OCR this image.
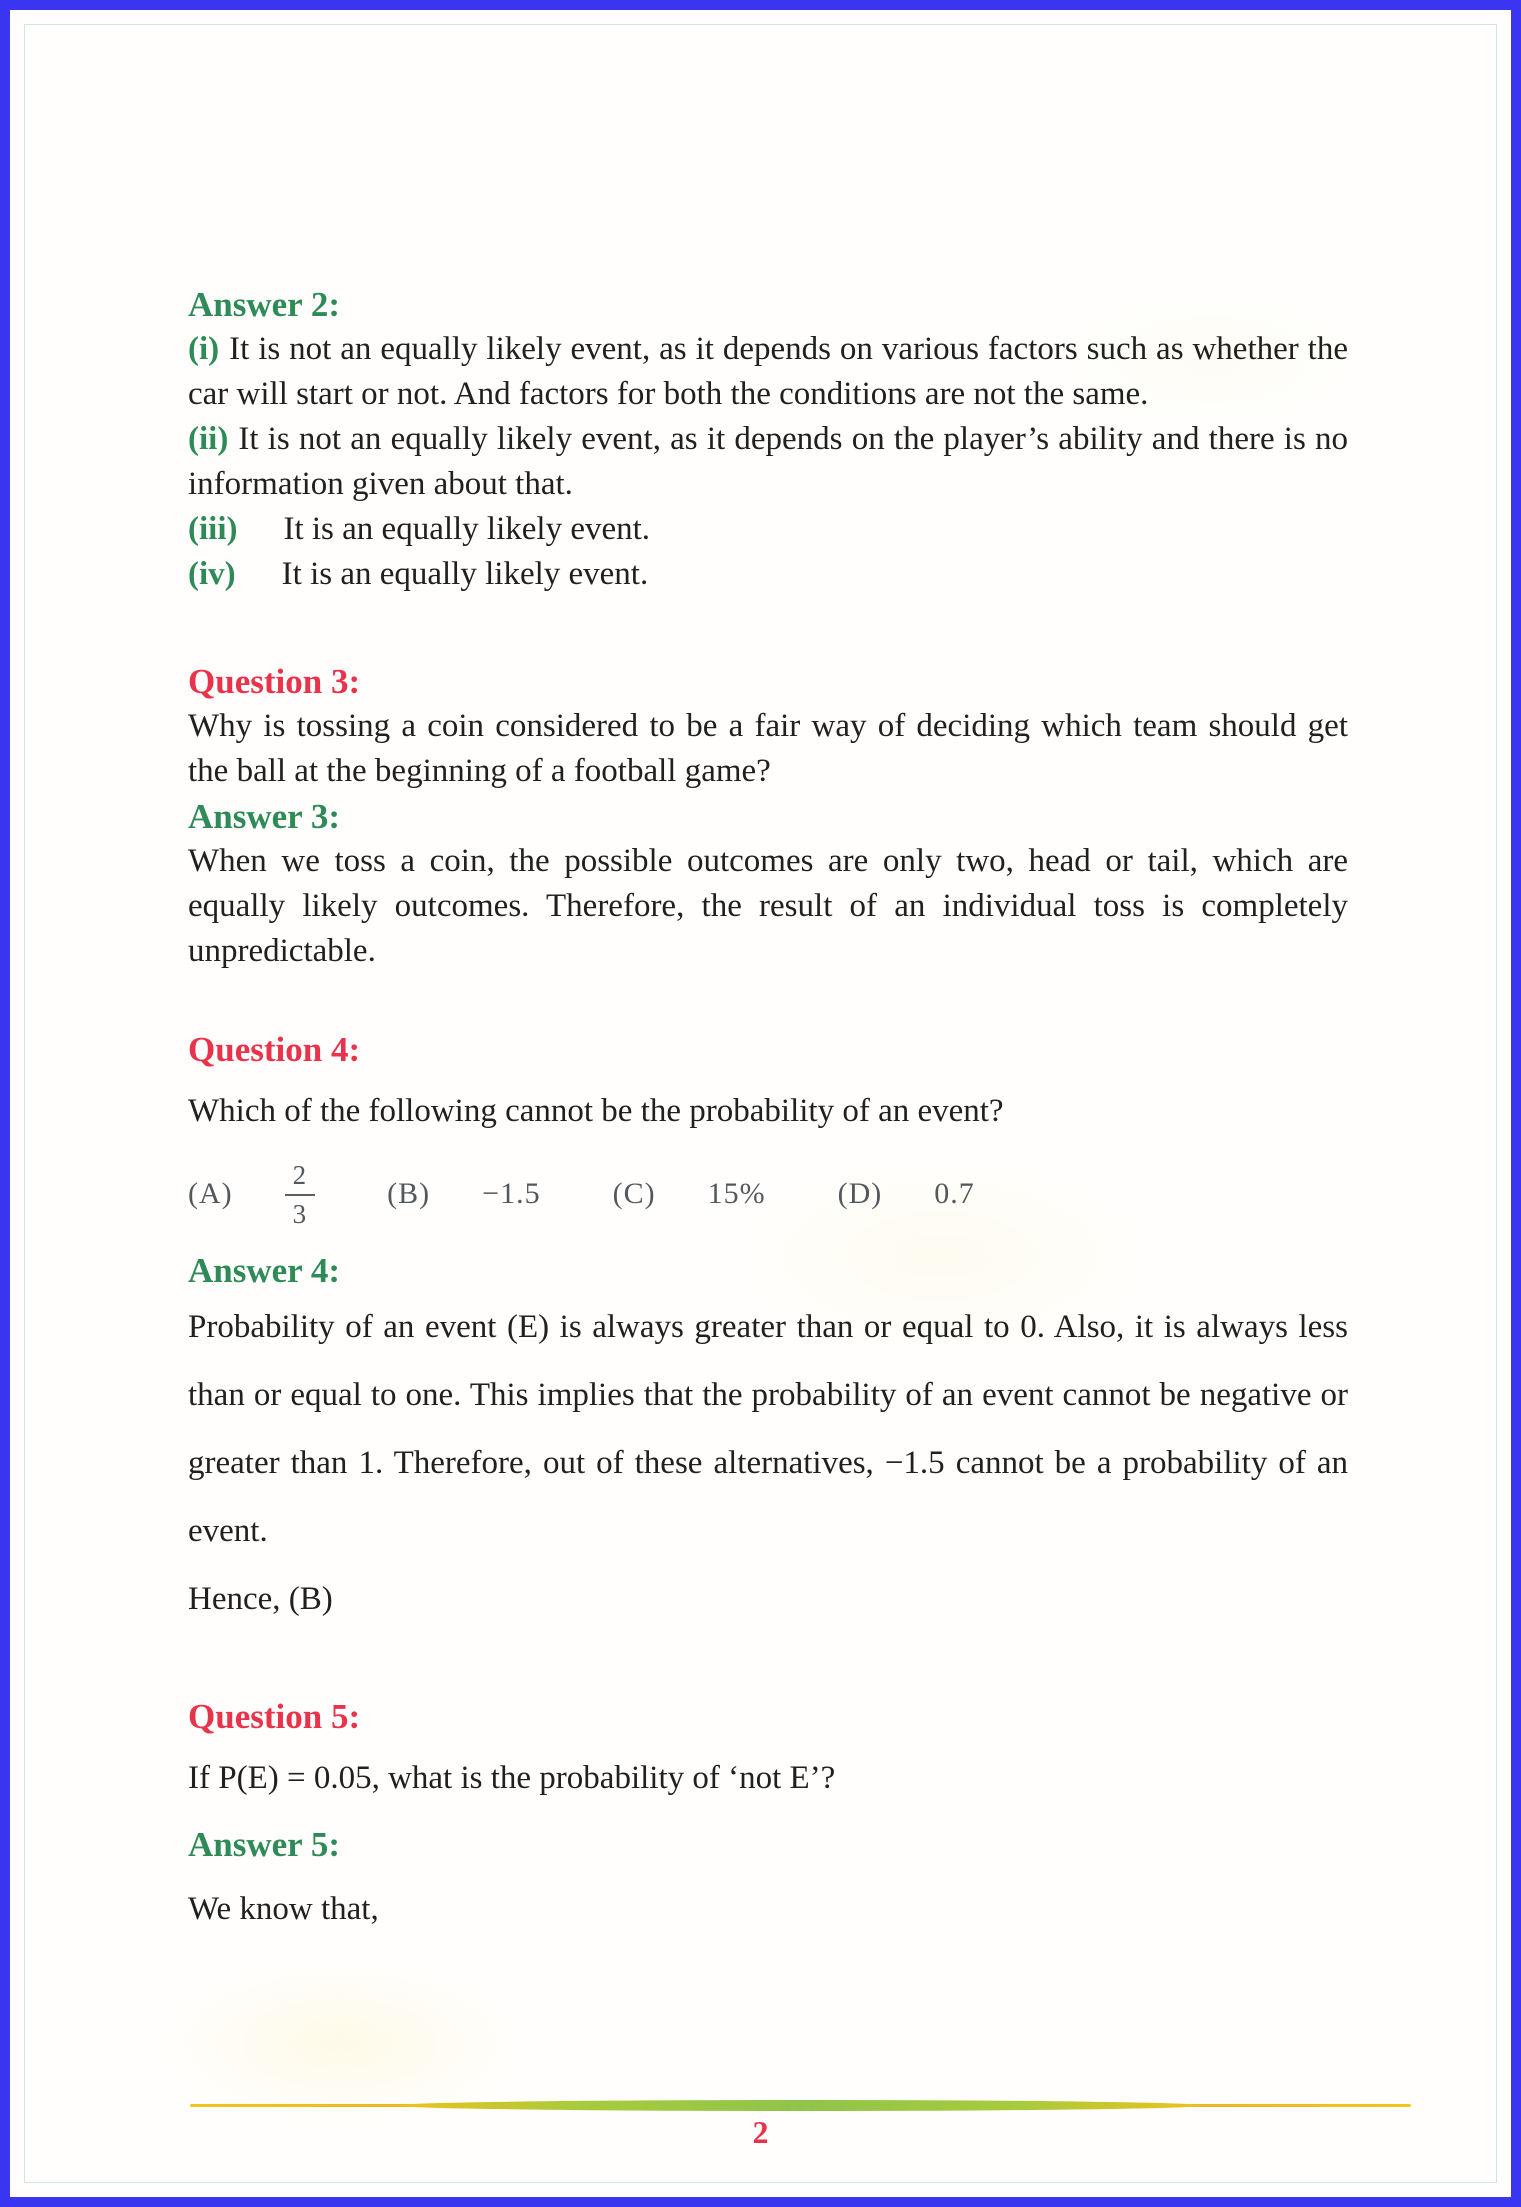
Answer 2:

(i) It is not an equally likely event, as it depends on various factors such as whether the car will start or not. And factors for both the conditions are not the same.

(ii) It is not an equally likely event, as it depends on the player’s ability and there is no information given about that.

(iii) It is an equally likely event.

(iv) It is an equally likely event.

Question 3:

Why is tossing a coin considered to be a fair way of deciding which team should get the ball at the beginning of a football game?

Answer 3:

When we toss a coin, the possible outcomes are only two, head or tail, which are equally likely outcomes. Therefore, the result of an individual toss is completely unpredictable.

Question 4:

Which of the following cannot be the probability of an event?

$(A) \frac{2}{3} (B) -1.5$ (C) 15% (D) 0.7
Answer 4:

Probability of an event (E) is always greater than or equal to 0. Also, it is always less than or equal to one. This implies that the probability of an event cannot be negative or greater than 1. Therefore, out of these alternatives, −1.5 cannot be a probability of an event.

Hence, (B)

Question 5:

If P(E) = 0.05, what is the probability of ‘not E’?

Answer 5:

We know that,

2
